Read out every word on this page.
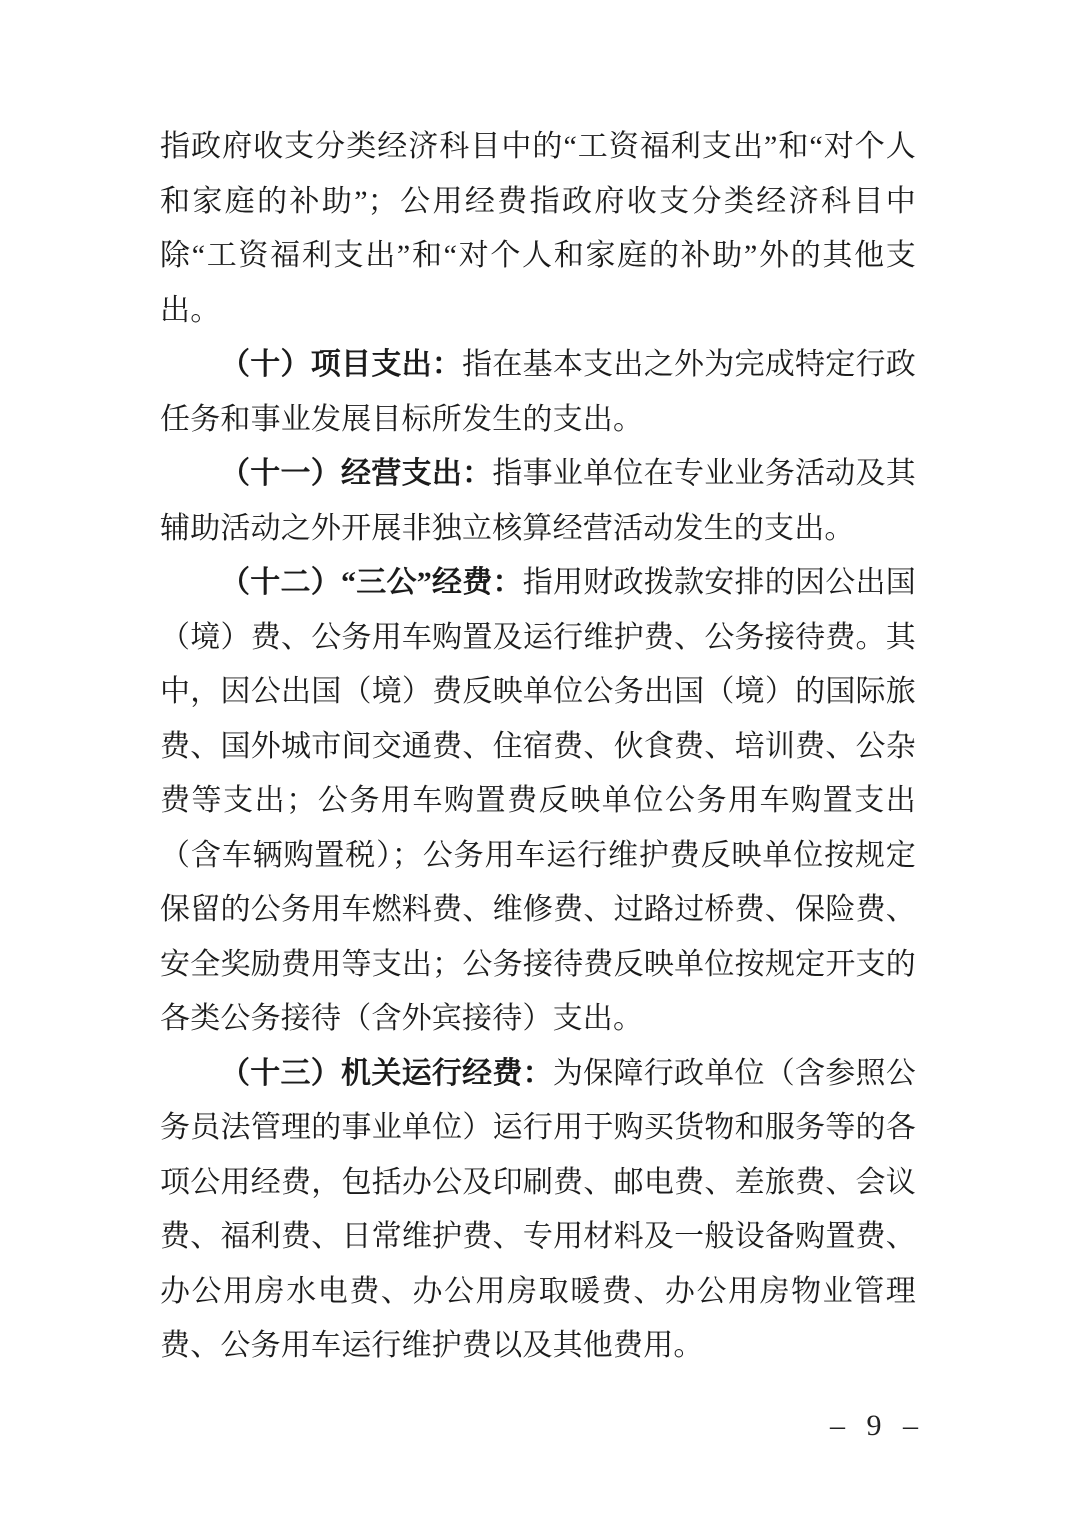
指政府收支分类经济科目中的“工资福利支出”和“对个人和家庭的补助”；公用经费指政府收支分类经济科目中除“工资福利支出”和“对个人和家庭的补助”外的其他支出。

（十）项目支出：指在基本支出之外为完成特定行政任务和事业发展目标所发生的支出。

（十一）经营支出：指事业单位在专业业务活动及其辅助活动之外开展非独立核算经营活动发生的支出。

（十二）“三公”经费：指用财政拨款安排的因公出国（境）费、公务用车购置及运行维护费、公务接待费。其中，因公出国（境）费反映单位公务出国（境）的国际旅费、国外城市间交通费、住宿费、伙食费、培训费、公杂费等支出；公务用车购置费反映单位公务用车购置支出（含车辆购置税）；公务用车运行维护费反映单位按规定保留的公务用车燃料费、维修费、过路过桥费、保险费、安全奖励费用等支出；公务接待费反映单位按规定开支的各类公务接待（含外宾接待）支出。

（十三）机关运行经费：为保障行政单位（含参照公务员法管理的事业单位）运行用于购买货物和服务等的各项公用经费，包括办公及印刷费、邮电费、差旅费、会议费、福利费、日常维护费、专用材料及一般设备购置费、办公用房水电费、办公用房取暖费、办公用房物业管理费、公务用车运行维护费以及其他费用。

– 9 –
